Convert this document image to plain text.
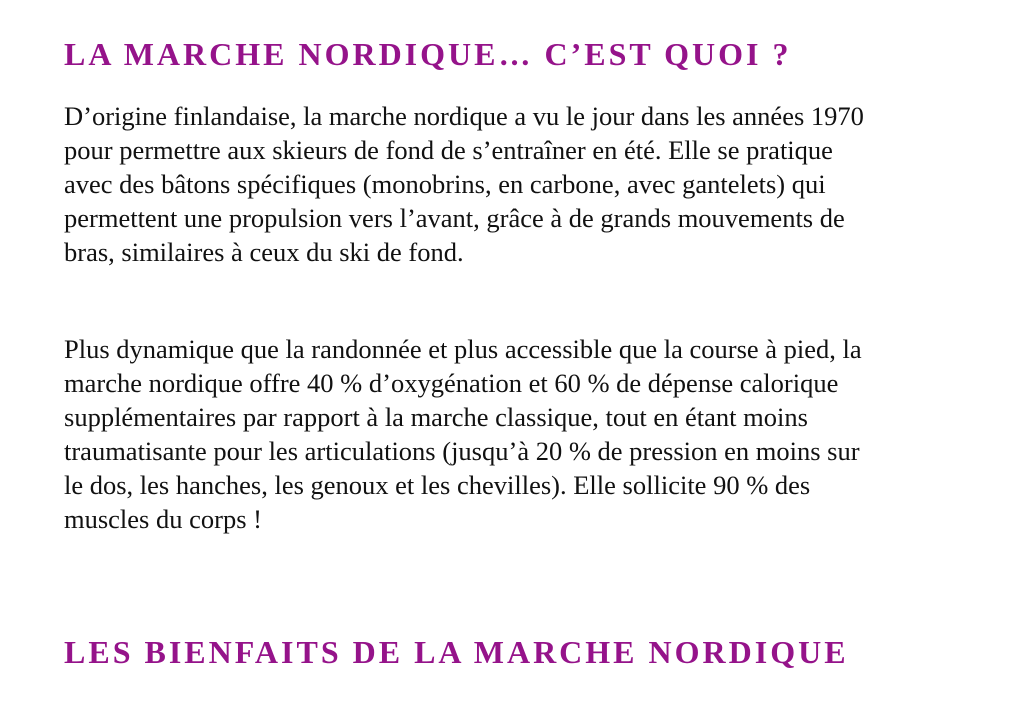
LA MARCHE NORDIQUE… C’EST QUOI ?

D’origine finlandaise, la marche nordique a vu le jour dans les années 1970
pour permettre aux skieurs de fond de s’entraîner en été. Elle se pratique
avec des bâtons spécifiques (monobrins, en carbone, avec gantelets) qui
permettent une propulsion vers l’avant, grâce à de grands mouvements de
bras, similaires à ceux du ski de fond.

Plus dynamique que la randonnée et plus accessible que la course à pied, la
marche nordique offre 40 % d’oxygénation et 60 % de dépense calorique
supplémentaires par rapport à la marche classique, tout en étant moins
traumatisante pour les articulations (jusqu’à 20 % de pression en moins sur
le dos, les hanches, les genoux et les chevilles). Elle sollicite 90 % des
muscles du corps !

LES BIENFAITS DE LA MARCHE NORDIQUE
